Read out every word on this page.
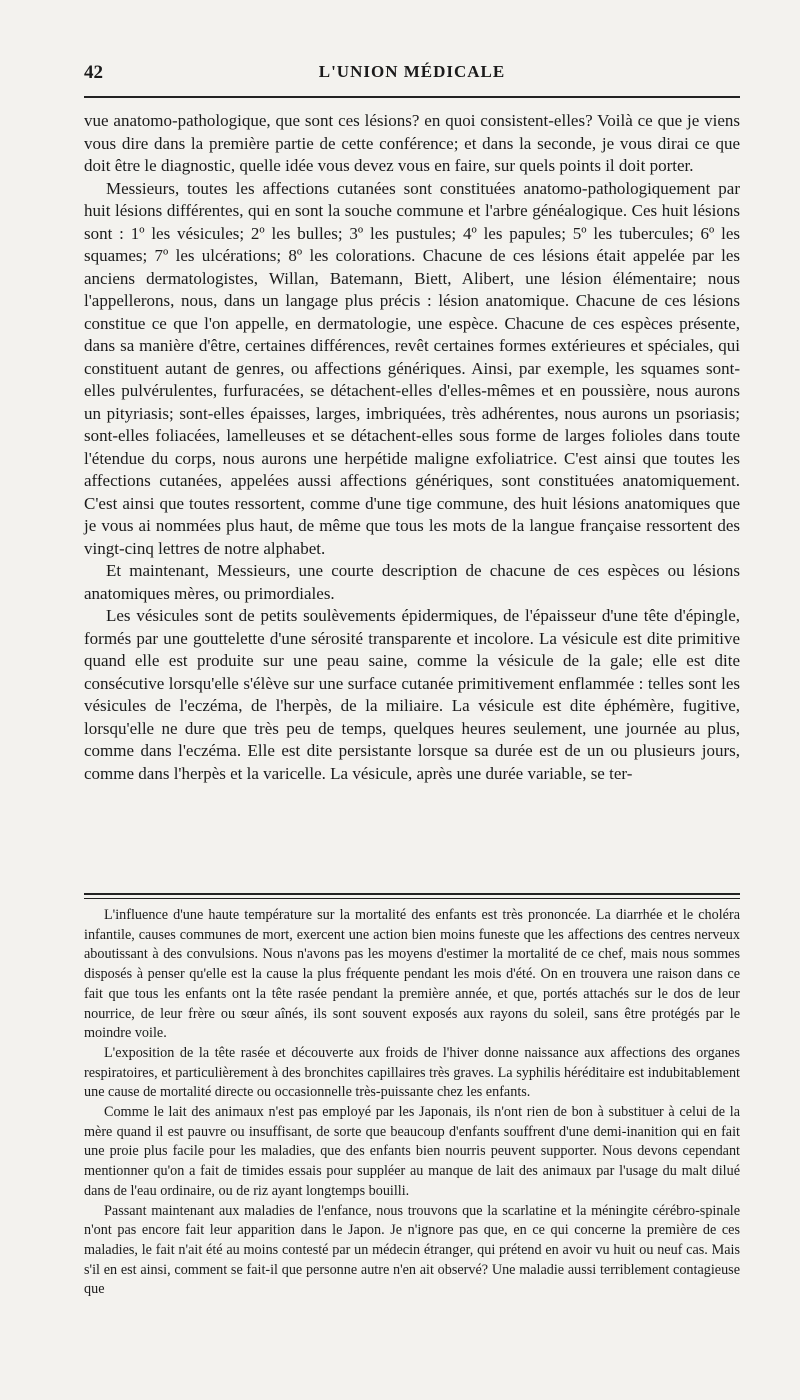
42	L'UNION MÉDICALE

vue anatomo-pathologique, que sont ces lésions? en quoi consistent-elles? Voilà ce que je viens vous dire dans la première partie de cette conférence; et dans la seconde, je vous dirai ce que doit être le diagnostic, quelle idée vous devez vous en faire, sur quels points il doit porter.

Messieurs, toutes les affections cutanées sont constituées anatomo-pathologiquement par huit lésions différentes, qui en sont la souche commune et l'arbre généalogique. Ces huit lésions sont : 1º les vésicules; 2º les bulles; 3º les pustules; 4º les papules; 5º les tubercules; 6º les squames; 7º les ulcérations; 8º les colorations. Chacune de ces lésions était appelée par les anciens dermatologistes, Willan, Batemann, Biett, Alibert, une lésion élémentaire; nous l'appellerons, nous, dans un langage plus précis : lésion anatomique. Chacune de ces lésions constitue ce que l'on appelle, en dermatologie, une espèce. Chacune de ces espèces présente, dans sa manière d'être, certaines différences, revêt certaines formes extérieures et spéciales, qui constituent autant de genres, ou affections génériques. Ainsi, par exemple, les squames sont-elles pulvérulentes, furfuracées, se détachent-elles d'elles-mêmes et en poussière, nous aurons un pityriasis; sont-elles épaisses, larges, imbriquées, très adhérentes, nous aurons un psoriasis; sont-elles foliacées, lamelleuses et se détachent-elles sous forme de larges folioles dans toute l'étendue du corps, nous aurons une herpétide maligne exfoliatrice. C'est ainsi que toutes les affections cutanées, appelées aussi affections génériques, sont constituées anatomiquement. C'est ainsi que toutes ressortent, comme d'une tige commune, des huit lésions anatomiques que je vous ai nommées plus haut, de même que tous les mots de la langue française ressortent des vingt-cinq lettres de notre alphabet.

Et maintenant, Messieurs, une courte description de chacune de ces espèces ou lésions anatomiques mères, ou primordiales.

Les vésicules sont de petits soulèvements épidermiques, de l'épaisseur d'une tête d'épingle, formés par une gouttelette d'une sérosité transparente et incolore. La vésicule est dite primitive quand elle est produite sur une peau saine, comme la vésicule de la gale; elle est dite consécutive lorsqu'elle s'élève sur une surface cutanée primitivement enflammée : telles sont les vésicules de l'eczéma, de l'herpès, de la miliaire. La vésicule est dite éphémère, fugitive, lorsqu'elle ne dure que très peu de temps, quelques heures seulement, une journée au plus, comme dans l'eczéma. Elle est dite persistante lorsque sa durée est de un ou plusieurs jours, comme dans l'herpès et la varicelle. La vésicule, après une durée variable, se ter-

L'influence d'une haute température sur la mortalité des enfants est très prononcée. La diarrhée et le choléra infantile, causes communes de mort, exercent une action bien moins funeste que les affections des centres nerveux aboutissant à des convulsions. Nous n'avons pas les moyens d'estimer la mortalité de ce chef, mais nous sommes disposés à penser qu'elle est la cause la plus fréquente pendant les mois d'été. On en trouvera une raison dans ce fait que tous les enfants ont la tête rasée pendant la première année, et que, portés attachés sur le dos de leur nourrice, de leur frère ou sœur aînés, ils sont souvent exposés aux rayons du soleil, sans être protégés par le moindre voile.

L'exposition de la tête rasée et découverte aux froids de l'hiver donne naissance aux affections des organes respiratoires, et particulièrement à des bronchites capillaires très graves. La syphilis héréditaire est indubitablement une cause de mortalité directe ou occasionnelle très-puissante chez les enfants.

Comme le lait des animaux n'est pas employé par les Japonais, ils n'ont rien de bon à substituer à celui de la mère quand il est pauvre ou insuffisant, de sorte que beaucoup d'enfants souffrent d'une demi-inanition qui en fait une proie plus facile pour les maladies, que des enfants bien nourris peuvent supporter. Nous devons cependant mentionner qu'on a fait de timides essais pour suppléer au manque de lait des animaux par l'usage du malt dilué dans de l'eau ordinaire, ou de riz ayant longtemps bouilli.

Passant maintenant aux maladies de l'enfance, nous trouvons que la scarlatine et la méningite cérébro-spinale n'ont pas encore fait leur apparition dans le Japon. Je n'ignore pas que, en ce qui concerne la première de ces maladies, le fait n'ait été au moins contesté par un médecin étranger, qui prétend en avoir vu huit ou neuf cas. Mais s'il en est ainsi, comment se fait-il que personne autre n'en ait observé? Une maladie aussi terriblement contagieuse que
